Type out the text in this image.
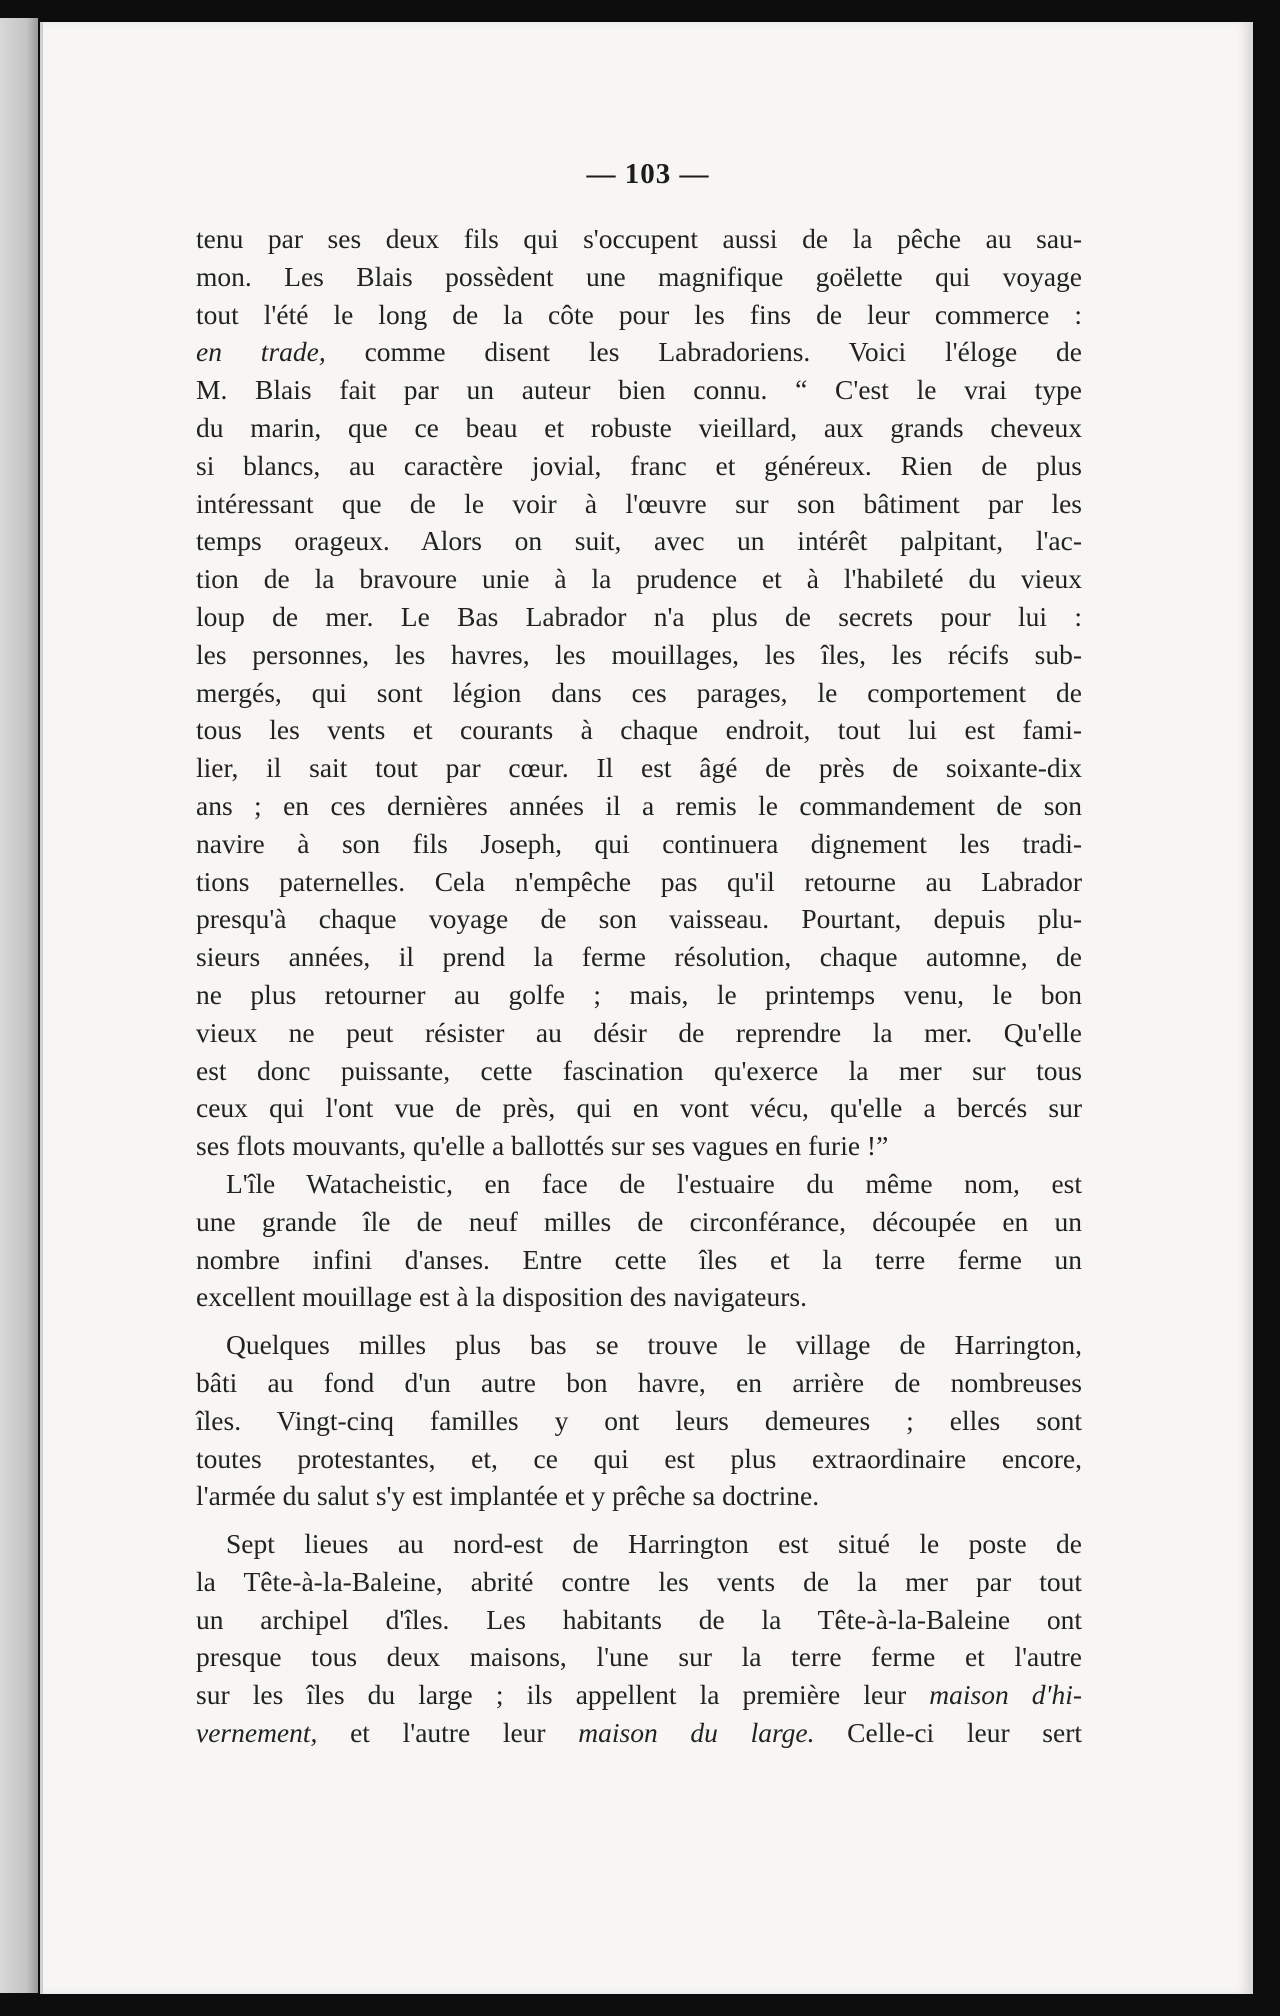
— 103 —
tenu par ses deux fils qui s'occupent aussi de la pêche au sau-
mon. Les Blais possèdent une magnifique goëlette qui voyage
tout l'été le long de la côte pour les fins de leur commerce :
en trade, comme disent les Labradoriens. Voici l'éloge de
M. Blais fait par un auteur bien connu. “ C'est le vrai type
du marin, que ce beau et robuste vieillard, aux grands cheveux
si blancs, au caractère jovial, franc et généreux. Rien de plus
intéressant que de le voir à l'œuvre sur son bâtiment par les
temps orageux. Alors on suit, avec un intérêt palpitant, l'ac-
tion de la bravoure unie à la prudence et à l'habileté du vieux
loup de mer. Le Bas Labrador n'a plus de secrets pour lui :
les personnes, les havres, les mouillages, les îles, les récifs sub-
mergés, qui sont légion dans ces parages, le comportement de
tous les vents et courants à chaque endroit, tout lui est fami-
lier, il sait tout par cœur. Il est âgé de près de soixante-dix
ans ; en ces dernières années il a remis le commandement de son
navire à son fils Joseph, qui continuera dignement les tradi-
tions paternelles. Cela n'empêche pas qu'il retourne au Labrador
presqu'à chaque voyage de son vaisseau. Pourtant, depuis plu-
sieurs années, il prend la ferme résolution, chaque automne, de
ne plus retourner au golfe ; mais, le printemps venu, le bon
vieux ne peut résister au désir de reprendre la mer. Qu'elle
est donc puissante, cette fascination qu'exerce la mer sur tous
ceux qui l'ont vue de près, qui en vont vécu, qu'elle a bercés sur
ses flots mouvants, qu'elle a ballottés sur ses vagues en furie !”
L'île Watacheistic, en face de l'estuaire du même nom, est
une grande île de neuf milles de circonférance, découpée en un
nombre infini d'anses. Entre cette îles et la terre ferme un
excellent mouillage est à la disposition des navigateurs.
Quelques milles plus bas se trouve le village de Harrington,
bâti au fond d'un autre bon havre, en arrière de nombreuses
îles. Vingt-cinq familles y ont leurs demeures ; elles sont
toutes protestantes, et, ce qui est plus extraordinaire encore,
l'armée du salut s'y est implantée et y prêche sa doctrine.
Sept lieues au nord-est de Harrington est situé le poste de
la Tête-à-la-Baleine, abrité contre les vents de la mer par tout
un archipel d'îles. Les habitants de la Tête-à-la-Baleine ont
presque tous deux maisons, l'une sur la terre ferme et l'autre
sur les îles du large ; ils appellent la première leur maison d'hi-
vernement, et l'autre leur maison du large. Celle-ci leur sert
